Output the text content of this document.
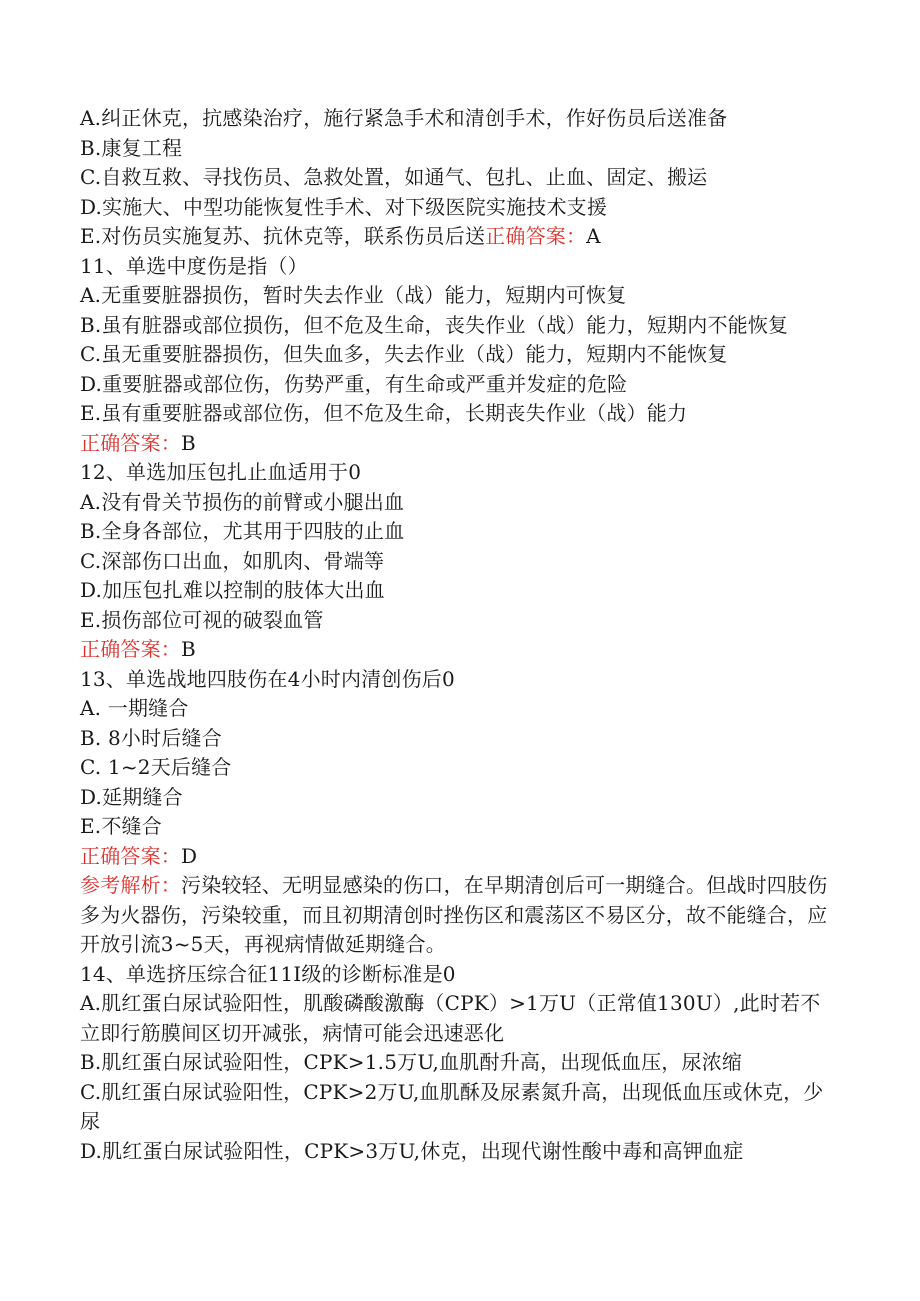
A.纠正休克，抗感染治疗，施行紧急手术和清创手术，作好伤员后送准备
B.康复工程
C.自救互救、寻找伤员、急救处置，如通气、包扎、止血、固定、搬运
D.实施大、中型功能恢复性手术、对下级医院实施技术支援
E.对伤员实施复苏、抗休克等，联系伤员后送正确答案：A
11、单选中度伤是指（）
A.无重要脏器损伤，暂时失去作业（战）能力，短期内可恢复
B.虽有脏器或部位损伤，但不危及生命，丧失作业（战）能力，短期内不能恢复
C.虽无重要脏器损伤，但失血多，失去作业（战）能力，短期内不能恢复
D.重要脏器或部位伤，伤势严重，有生命或严重并发症的危险
E.虽有重要脏器或部位伤，但不危及生命，长期丧失作业（战）能力
正确答案：B
12、单选加压包扎止血适用于0
A.没有骨关节损伤的前臂或小腿出血
B.全身各部位，尤其用于四肢的止血
C.深部伤口出血，如肌肉、骨端等
D.加压包扎难以控制的肢体大出血
E.损伤部位可视的破裂血管
正确答案：B
13、单选战地四肢伤在4小时内清创伤后0
A. 一期缝合
B. 8小时后缝合
C. 1~2天后缝合
D.延期缝合
E.不缝合
正确答案：D
参考解析：污染较轻、无明显感染的伤口，在早期清创后可一期缝合。但战时四肢伤多为火器伤，污染较重，而且初期清创时挫伤区和震荡区不易区分，故不能缝合，应开放引流3~5天，再视病情做延期缝合。
14、单选挤压综合征11I级的诊断标准是0
A.肌红蛋白尿试验阳性，肌酸磷酸激酶（CPK）>1万U（正常值130U）,此时若不立即行筋膜间区切开减张，病情可能会迅速恶化
B.肌红蛋白尿试验阳性，CPK>1.5万U,血肌酎升高，出现低血压，尿浓缩
C.肌红蛋白尿试验阳性，CPK>2万U,血肌酥及尿素氮升高，出现低血压或休克，少尿
D.肌红蛋白尿试验阳性，CPK>3万U,休克，出现代谢性酸中毒和高钾血症
